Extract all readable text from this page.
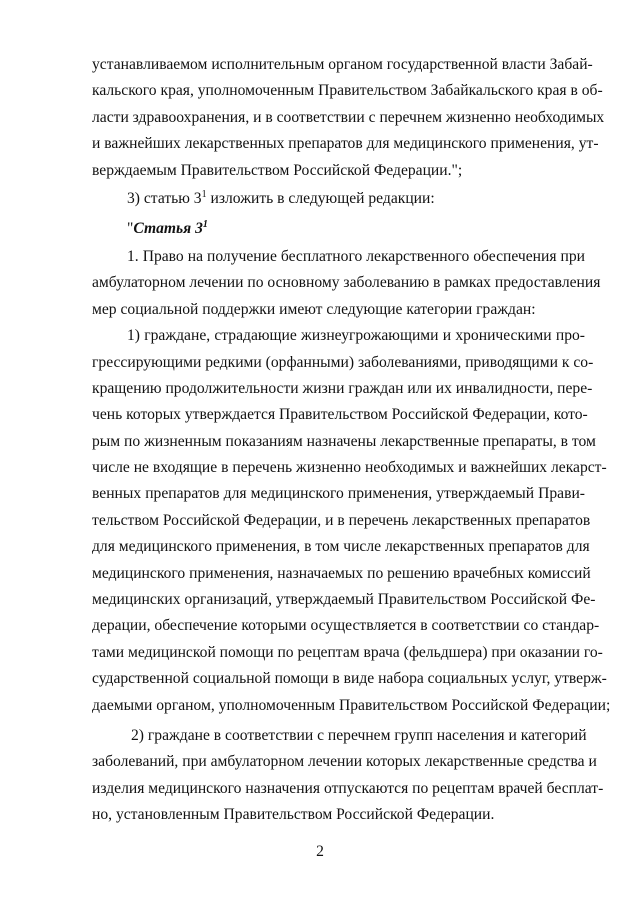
устанавливаемом исполнительным органом государственной власти Забай-
кальского края, уполномоченным Правительством Забайкальского края в об-
ласти здравоохранения, и в соответствии с перечнем жизненно необходимых
и важнейших лекарственных препаратов для медицинского применения, ут-
верждаемым Правительством Российской Федерации.";
3) статью $3^1$ изложить в следующей редакции:
"Статья $3^1$
1. Право на получение бесплатного лекарственного обеспечения при
амбулаторном лечении по основному заболеванию в рамках предоставления
мер социальной поддержки имеют следующие категории граждан:
1) граждане, страдающие жизнеугрожающими и хроническими про-
грессирующими редкими (орфанными) заболеваниями, приводящими к со-
кращению продолжительности жизни граждан или их инвалидности, пере-
чень которых утверждается Правительством Российской Федерации, кото-
рым по жизненным показаниям назначены лекарственные препараты, в том
числе не входящие в перечень жизненно необходимых и важнейших лекарст-
венных препаратов для медицинского применения, утверждаемый Прави-
тельством Российской Федерации, и в перечень лекарственных препаратов
для медицинского применения, в том числе лекарственных препаратов для
медицинского применения, назначаемых по решению врачебных комиссий
медицинских организаций, утверждаемый Правительством Российской Фе-
дерации, обеспечение которыми осуществляется в соответствии со стандар-
тами медицинской помощи по рецептам врача (фельдшера) при оказании го-
сударственной социальной помощи в виде набора социальных услуг, утверж-
даемыми органом, уполномоченным Правительством Российской Федерации;
2) граждане в соответствии с перечнем групп населения и категорий
заболеваний, при амбулаторном лечении которых лекарственные средства и
изделия медицинского назначения отпускаются по рецептам врачей бесплат-
но, установленным Правительством Российской Федерации.
2
